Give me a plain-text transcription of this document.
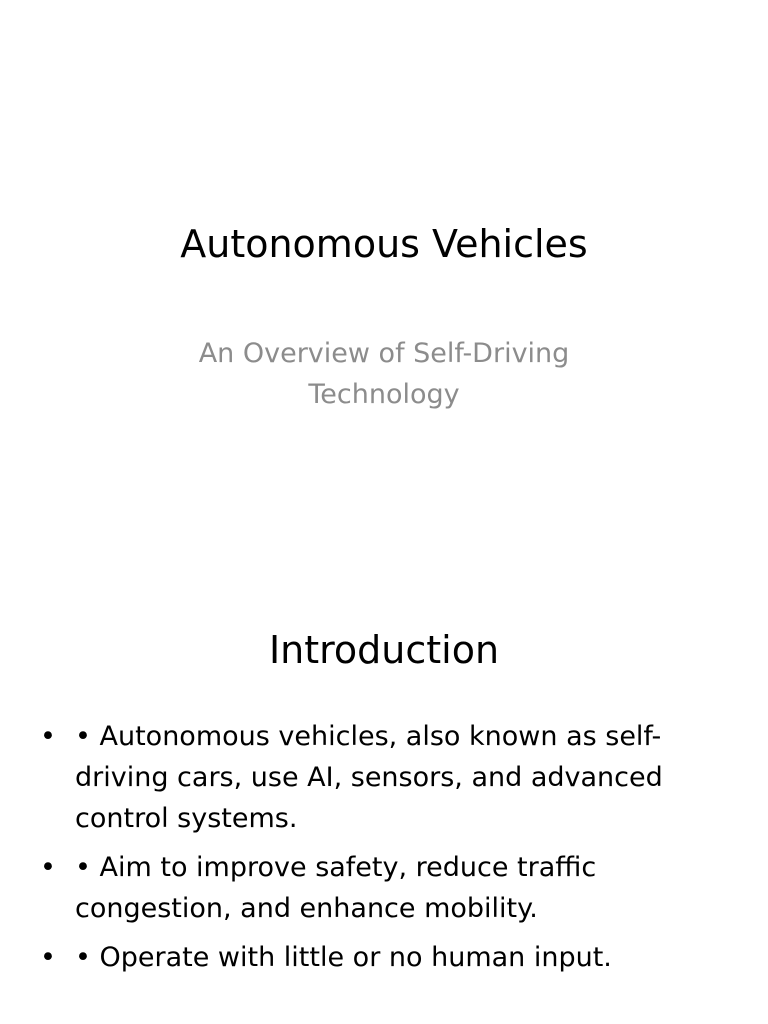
Autonomous Vehicles
An Overview of Self-Driving Technology
Introduction
• • Autonomous vehicles, also known as self-driving cars, use AI, sensors, and advanced control systems.
• • Aim to improve safety, reduce traffic congestion, and enhance mobility.
• • Operate with little or no human input.
